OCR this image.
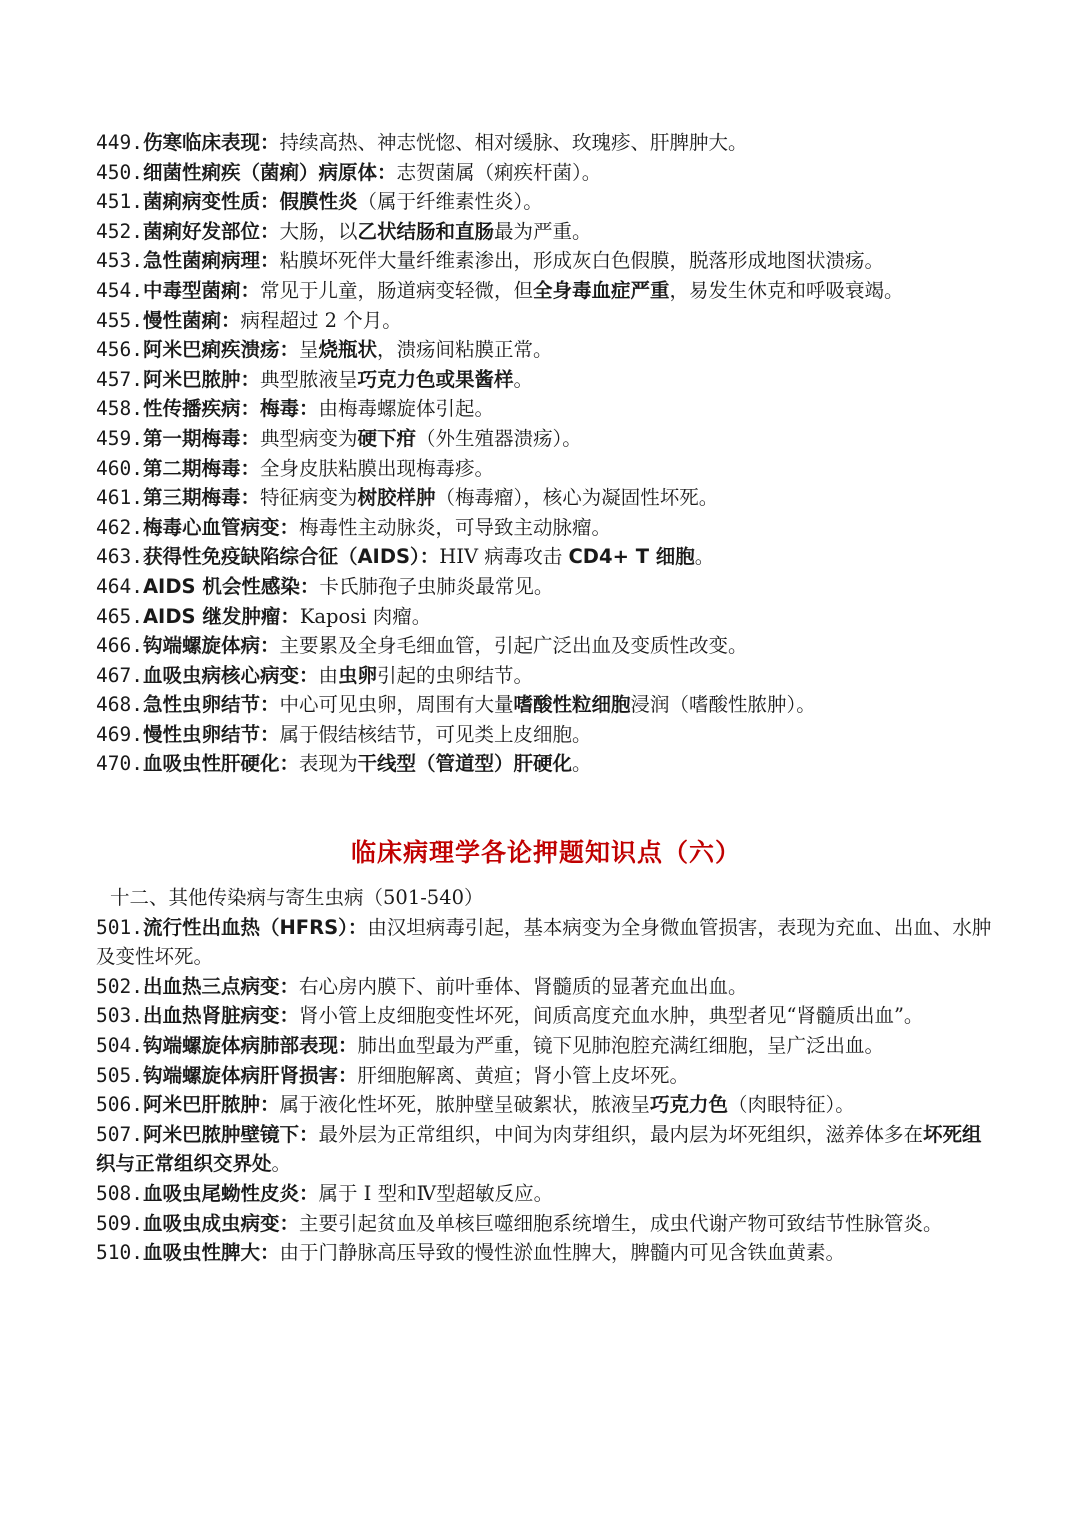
449.伤寒临床表现：持续高热、神志恍惚、相对缓脉、玫瑰疹、肝脾肿大。
450.细菌性痢疾（菌痢）病原体：志贺菌属（痢疾杆菌）。
451.菌痢病变性质：假膜性炎（属于纤维素性炎）。
452.菌痢好发部位：大肠，以乙状结肠和直肠最为严重。
453.急性菌痢病理：粘膜坏死伴大量纤维素渗出，形成灰白色假膜，脱落形成地图状溃疡。
454.中毒型菌痢：常见于儿童，肠道病变轻微，但全身毒血症严重，易发生休克和呼吸衰竭。
455.慢性菌痢：病程超过 2 个月。
456.阿米巴痢疾溃疡：呈烧瓶状，溃疡间粘膜正常。
457.阿米巴脓肿：典型脓液呈巧克力色或果酱样。
458.性传播疾病：梅毒：由梅毒螺旋体引起。
459.第一期梅毒：典型病变为硬下疳（外生殖器溃疡）。
460.第二期梅毒：全身皮肤粘膜出现梅毒疹。
461.第三期梅毒：特征病变为树胶样肿（梅毒瘤），核心为凝固性坏死。
462.梅毒心血管病变：梅毒性主动脉炎，可导致主动脉瘤。
463.获得性免疫缺陷综合征（AIDS）：HIV 病毒攻击 CD4+ T 细胞。
464.AIDS 机会性感染：卡氏肺孢子虫肺炎最常见。
465.AIDS 继发肿瘤：Kaposi 肉瘤。
466.钩端螺旋体病：主要累及全身毛细血管，引起广泛出血及变质性改变。
467.血吸虫病核心病变：由虫卵引起的虫卵结节。
468.急性虫卵结节：中心可见虫卵，周围有大量嗜酸性粒细胞浸润（嗜酸性脓肿）。
469.慢性虫卵结节：属于假结核结节，可见类上皮细胞。
470.血吸虫性肝硬化：表现为干线型（管道型）肝硬化。
临床病理学各论押题知识点（六）
十二、其他传染病与寄生虫病（501-540）
501.流行性出血热（HFRS）：由汉坦病毒引起，基本病变为全身微血管损害，表现为充血、出血、水肿及变性坏死。
502.出血热三点病变：右心房内膜下、前叶垂体、肾髓质的显著充血出血。
503.出血热肾脏病变：肾小管上皮细胞变性坏死，间质高度充血水肿，典型者见“肾髓质出血”。
504.钩端螺旋体病肺部表现：肺出血型最为严重，镜下见肺泡腔充满红细胞，呈广泛出血。
505.钩端螺旋体病肝肾损害：肝细胞解离、黄疸；肾小管上皮坏死。
506.阿米巴肝脓肿：属于液化性坏死，脓肿壁呈破絮状，脓液呈巧克力色（肉眼特征）。
507.阿米巴脓肿壁镜下：最外层为正常组织，中间为肉芽组织，最内层为坏死组织，滋养体多在坏死组织与正常组织交界处。
508.血吸虫尾蚴性皮炎：属于 I 型和Ⅳ型超敏反应。
509.血吸虫成虫病变：主要引起贫血及单核巨噬细胞系统增生，成虫代谢产物可致结节性脉管炎。
510.血吸虫性脾大：由于门静脉高压导致的慢性淤血性脾大，脾髓内可见含铁血黄素。
